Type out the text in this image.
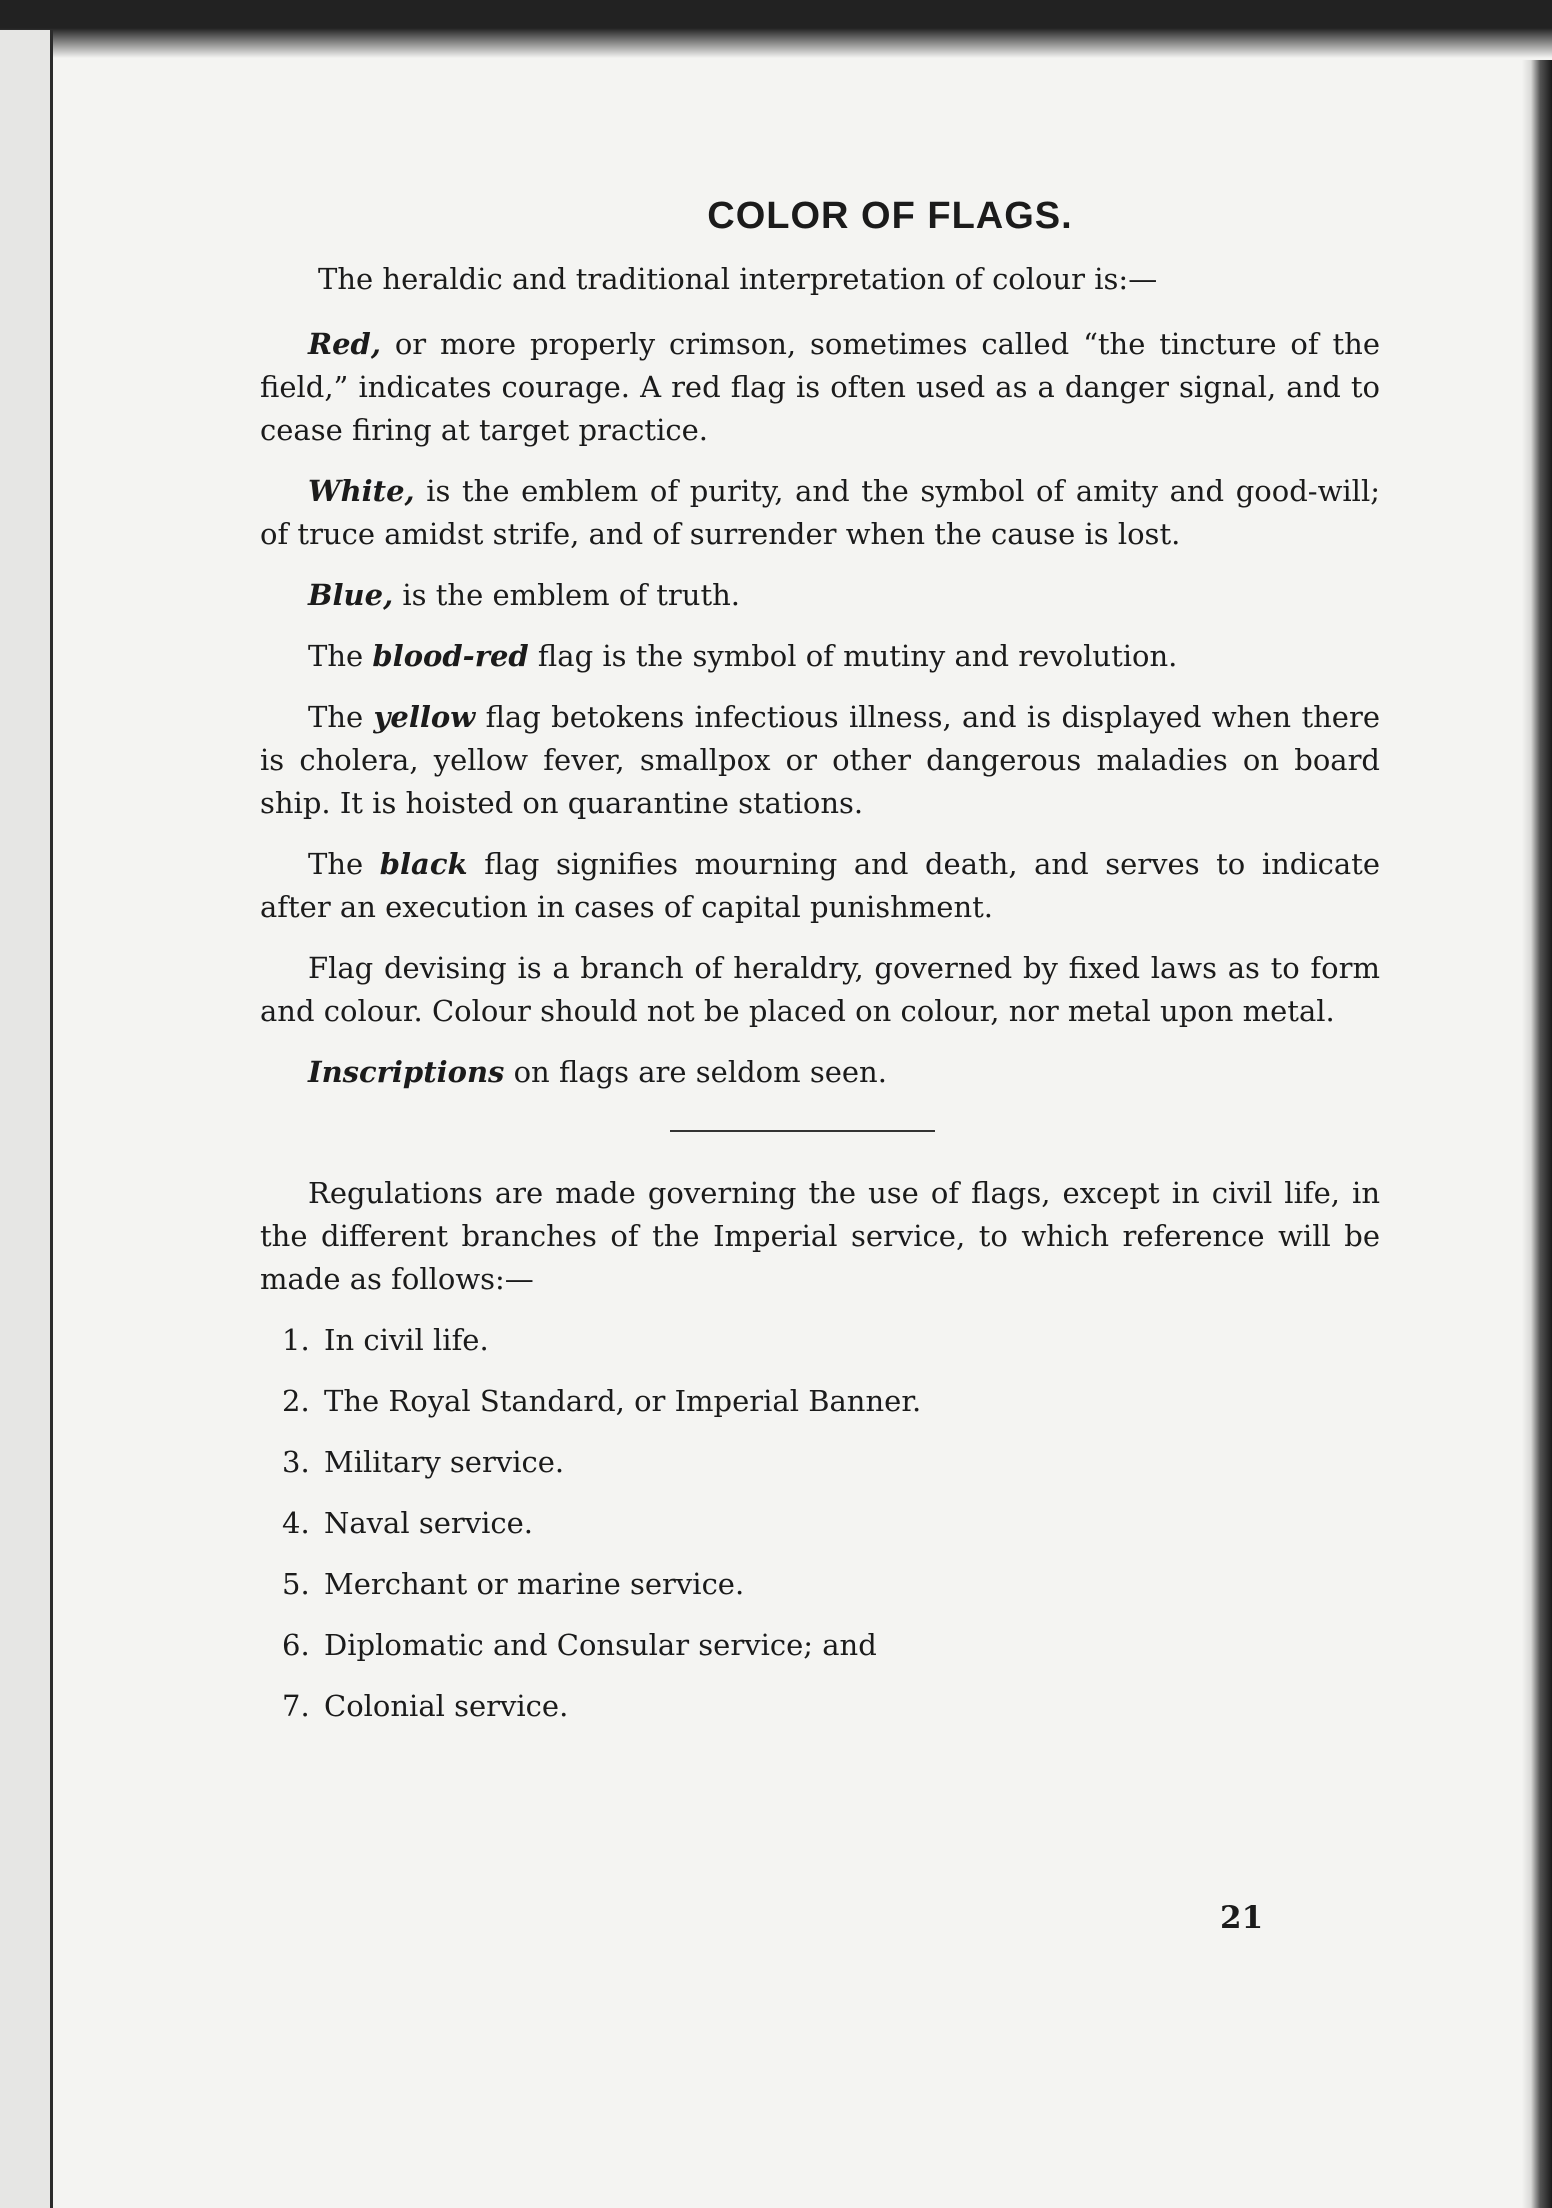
COLOR OF FLAGS.

The heraldic and traditional interpretation of colour is:—

Red, or more properly crimson, sometimes called “the tincture of the field,” indicates courage. A red flag is often used as a danger signal, and to cease firing at target practice.

White, is the emblem of purity, and the symbol of amity and good-will; of truce amidst strife, and of surrender when the cause is lost.

Blue, is the emblem of truth.

The blood-red flag is the symbol of mutiny and revolution.

The yellow flag betokens infectious illness, and is displayed when there is cholera, yellow fever, smallpox or other dangerous maladies on board ship. It is hoisted on quarantine stations.

The black flag signifies mourning and death, and serves to indicate after an execution in cases of capital punishment.

Flag devising is a branch of heraldry, governed by fixed laws as to form and colour. Colour should not be placed on colour, nor metal upon metal.

Inscriptions on flags are seldom seen.

Regulations are made governing the use of flags, except in civil life, in the different branches of the Imperial service, to which reference will be made as follows:—

1. In civil life.
2. The Royal Standard, or Imperial Banner.
3. Military service.
4. Naval service.
5. Merchant or marine service.
6. Diplomatic and Consular service; and
7. Colonial service.
21
